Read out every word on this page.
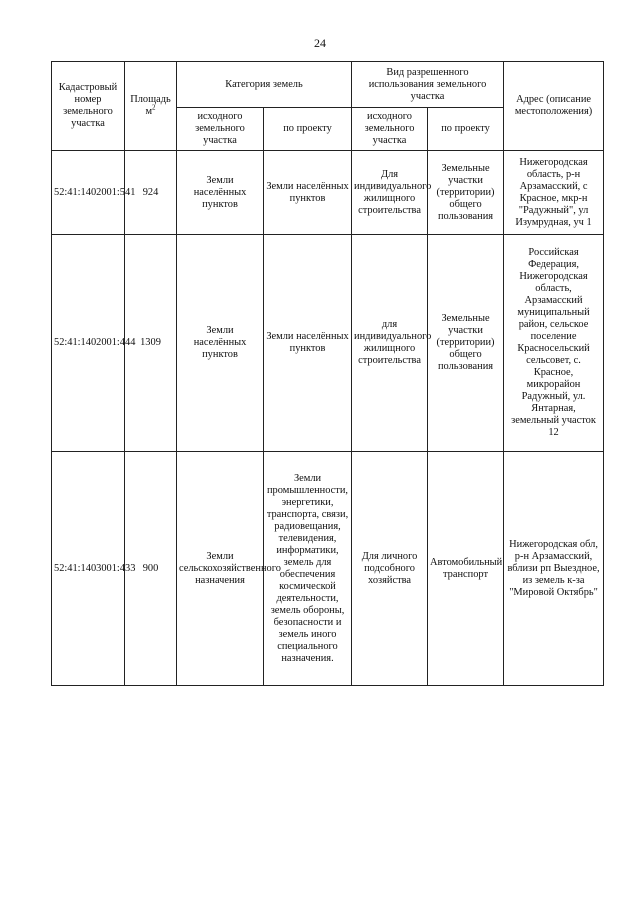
24
Кадастровый номер земельного участка	Площадь $м^2$	Категория земель		Вид разрешенного использования земельного участка		Адрес (описание местоположения)
		исходного земельного участка	по проекту	исходного земельного участка	по проекту	
52:41:1402001:541	924	Земли населённых пунктов	Земли населённых пунктов	Для индивидуального жилищного строительства	Земельные участки (территории) общего пользования	Нижегородская область, р-н Арзамасский, с Красное, мкр-н "Радужный", ул Изумрудная, уч 1
52:41:1402001:444	1309	Земли населённых пунктов	Земли населённых пунктов	для индивидуального жилищного строительства	Земельные участки (территории) общего пользования	Российская Федерация, Нижегородская область, Арзамасский муниципальный район, сельское поселение Красносельский сельсовет, с. Красное, микрорайон Радужный, ул. Янтарная, земельный участок 12
52:41:1403001:433	900	Земли сельскохозяйственного назначения	Земли промышленности, энергетики, транспорта, связи, радиовещания, телевидения, информатики, земель для обеспечения космической деятельности, земель обороны, безопасности и земель иного специального назначения.	Для личного подсобного хозяйства	Автомобильный транспорт	Нижегородская обл, р-н Арзамасский, вблизи рп Выездное, из земель к-за "Мировой Октябрь"
